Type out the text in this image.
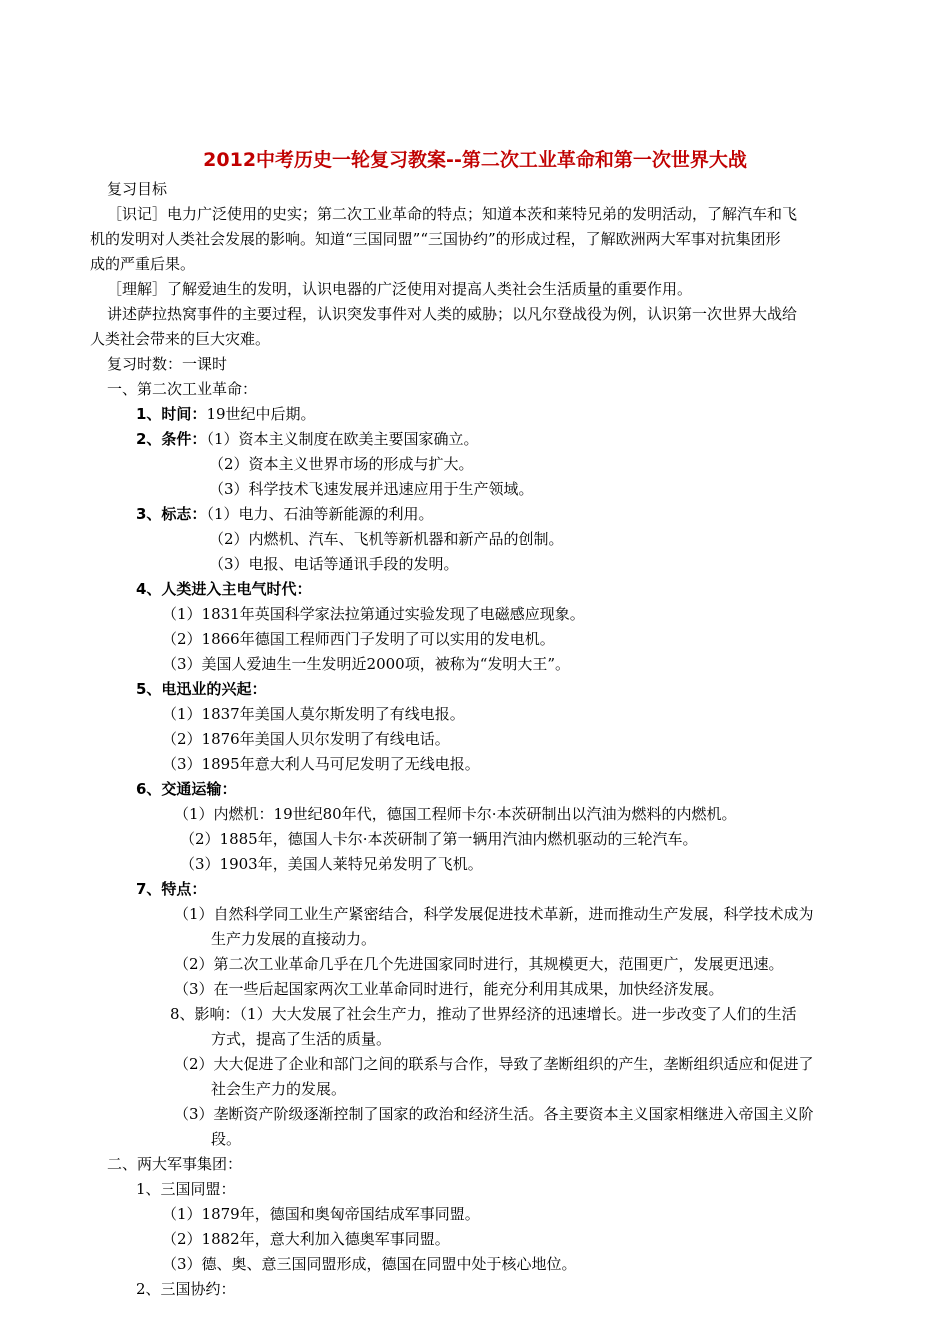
2012中考历史一轮复习教案--第二次工业革命和第一次世界大战
复习目标
［识记］电力广泛使用的史实；第二次工业革命的特点；知道本茨和莱特兄弟的发明活动，了解汽车和飞
机的发明对人类社会发展的影响。知道“三国同盟”“三国协约”的形成过程，了解欧洲两大军事对抗集团形
成的严重后果。
［理解］了解爱迪生的发明，认识电器的广泛使用对提高人类社会生活质量的重要作用。
讲述萨拉热窝事件的主要过程，认识突发事件对人类的威胁；以凡尔登战役为例，认识第一次世界大战给
人类社会带来的巨大灾难。
复习时数：一课时
一、第二次工业革命：
1、时间：19世纪中后期。
2、条件：（1）资本主义制度在欧美主要国家确立。
（2）资本主义世界市场的形成与扩大。
（3）科学技术飞速发展并迅速应用于生产领域。
3、标志：（1）电力、石油等新能源的利用。
（2）内燃机、汽车、飞机等新机器和新产品的创制。
（3）电报、电话等通讯手段的发明。
4、人类进入主电气时代：
（1）1831年英国科学家法拉第通过实验发现了电磁感应现象。
（2）1866年德国工程师西门子发明了可以实用的发电机。
（3）美国人爱迪生一生发明近2000项，被称为“发明大王”。
5、电迅业的兴起：
（1）1837年美国人莫尔斯发明了有线电报。
（2）1876年美国人贝尔发明了有线电话。
（3）1895年意大利人马可尼发明了无线电报。
6、交通运输：
（1）内燃机：19世纪80年代，德国工程师卡尔·本茨研制出以汽油为燃料的内燃机。
（2）1885年，德国人卡尔·本茨研制了第一辆用汽油内燃机驱动的三轮汽车。
（3）1903年，美国人莱特兄弟发明了飞机。
7、特点：
（1）自然科学同工业生产紧密结合，科学发展促进技术革新，进而推动生产发展，科学技术成为
生产力发展的直接动力。
（2）第二次工业革命几乎在几个先进国家同时进行，其规模更大，范围更广，发展更迅速。
（3）在一些后起国家两次工业革命同时进行，能充分利用其成果，加快经济发展。
8、影响：（1）大大发展了社会生产力，推动了世界经济的迅速增长。进一步改变了人们的生活
方式，提高了生活的质量。
（2）大大促进了企业和部门之间的联系与合作，导致了垄断组织的产生，垄断组织适应和促进了
社会生产力的发展。
（3）垄断资产阶级逐渐控制了国家的政治和经济生活。各主要资本主义国家相继进入帝国主义阶
段。
二、两大军事集团：
1、三国同盟：
（1）1879年，德国和奥匈帝国结成军事同盟。
（2）1882年，意大利加入德奥军事同盟。
（3）德、奥、意三国同盟形成，德国在同盟中处于核心地位。
2、三国协约：
